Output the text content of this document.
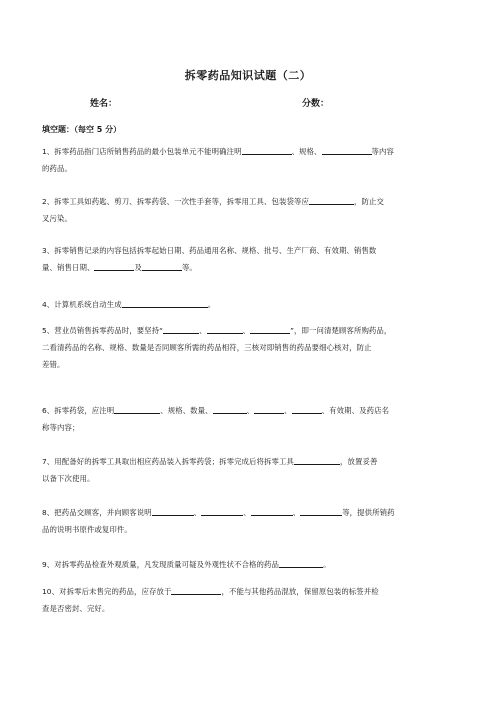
拆零药品知识试题（二）
姓名：	分数：
填空题：（每空 5 分）
1、拆零药品指门店所销售药品的最小包装单元不能明确注明	、规格、	等内容
的药品。
2、拆零工具如药匙、剪刀、拆零药袋、一次性手套等，拆零用工具、包装袋等应	，防止交
叉污染。
3、拆零销售记录的内容包括拆零起始日期、药品通用名称、规格、批号、生产厂商、有效期、销售数
量、销售日期、	及	等。
4、计算机系统自动生成	。
5、营业员销售拆零药品时，要坚持“	、	、	”，即一问清楚顾客所购药品，
二看清药品的名称、规格、数量是否同顾客所需的药品相符，三核对即销售的药品要细心核对，防止
差错。
6、拆零药袋，应注明	、规格、数量、	、	、	、有效期、及药店名
称等内容；
7、用配备好的拆零工具取出相应药品装入拆零药袋；拆零完成后将拆零工具	，放置妥善
以备下次使用。
8、把药品交顾客，并向顾客说明	、	、	、	等，提供所销药
品的说明书原件或复印件。
9、对拆零药品检查外观质量，凡发现质量可疑及外观性状不合格的药品	。
10、对拆零后未售完的药品，应存放于	，不能与其他药品混放，保留原包装的标签并检
查是否密封、完好。
